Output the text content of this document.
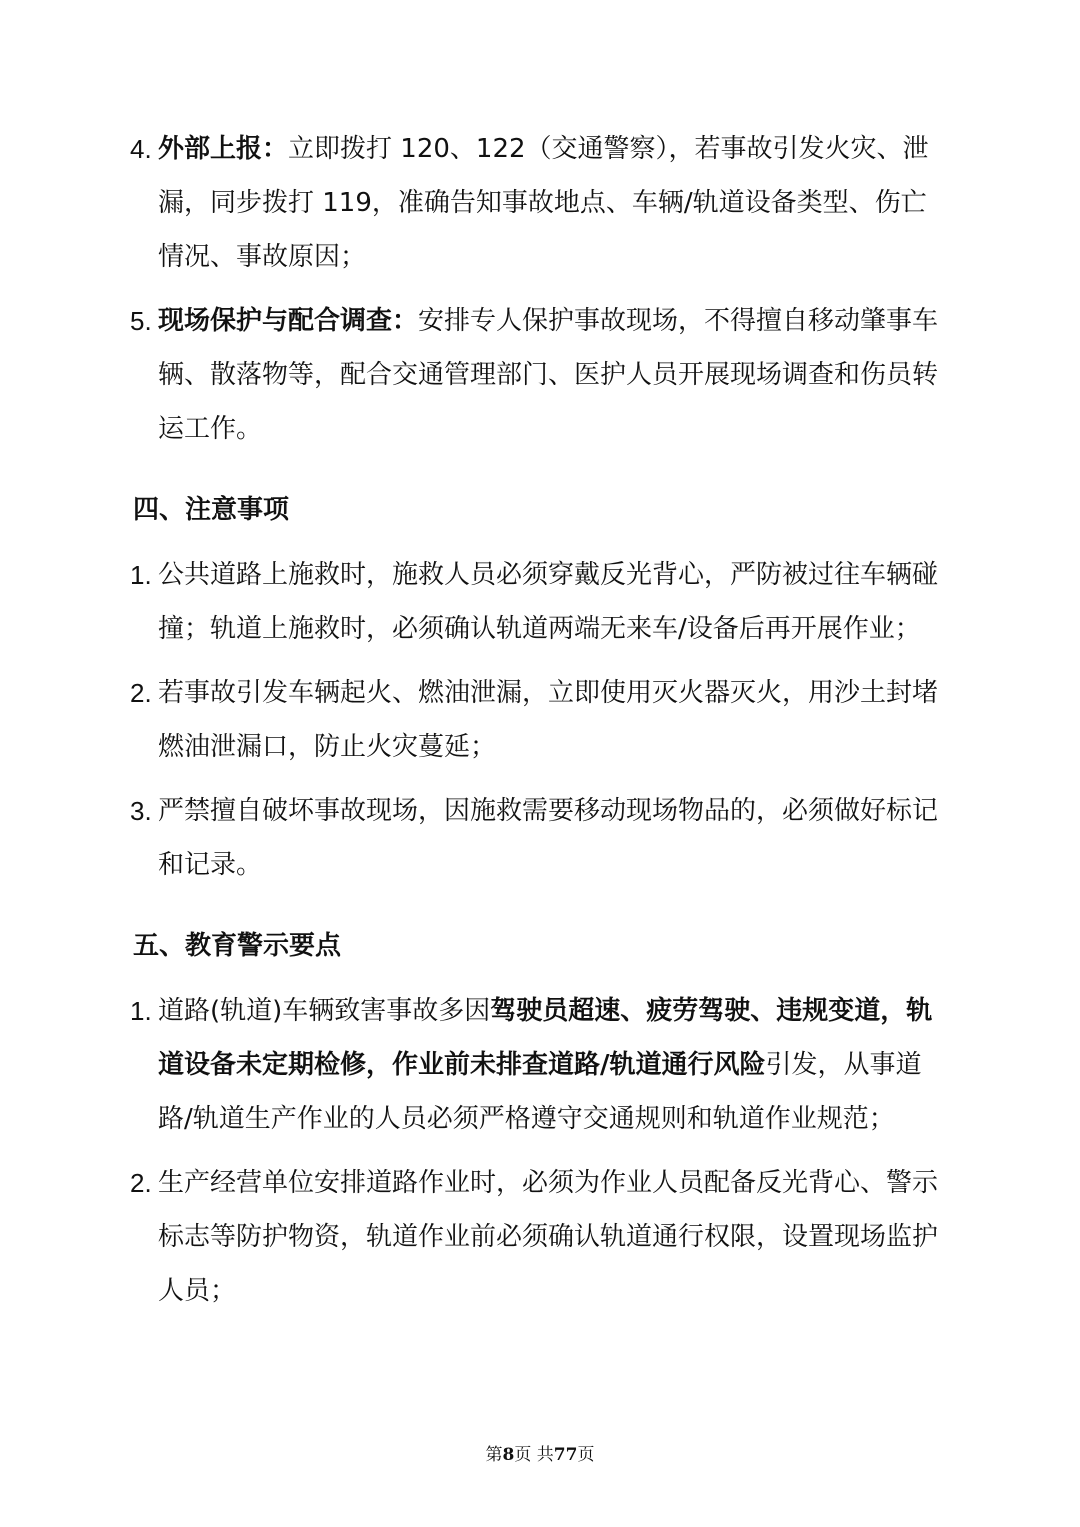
4. 外部上报：立即拨打 120、122（交通警察），若事故引发火灾、泄漏，同步拨打 119，准确告知事故地点、车辆/轨道设备类型、伤亡情况、事故原因；
5. 现场保护与配合调查：安排专人保护事故现场，不得擅自移动肇事车辆、散落物等，配合交通管理部门、医护人员开展现场调查和伤员转运工作。
四、注意事项
1. 公共道路上施救时，施救人员必须穿戴反光背心，严防被过往车辆碰撞；轨道上施救时，必须确认轨道两端无来车/设备后再开展作业；
2. 若事故引发车辆起火、燃油泄漏，立即使用灭火器灭火，用沙土封堵燃油泄漏口，防止火灾蔓延；
3. 严禁擅自破坏事故现场，因施救需要移动现场物品的，必须做好标记和记录。
五、教育警示要点
1. 道路(轨道)车辆致害事故多因驾驶员超速、疲劳驾驶、违规变道，轨道设备未定期检修，作业前未排查道路/轨道通行风险引发，从事道路/轨道生产作业的人员必须严格遵守交通规则和轨道作业规范；
2. 生产经营单位安排道路作业时，必须为作业人员配备反光背心、警示标志等防护物资，轨道作业前必须确认轨道通行权限，设置现场监护人员；
第8页 共77页
